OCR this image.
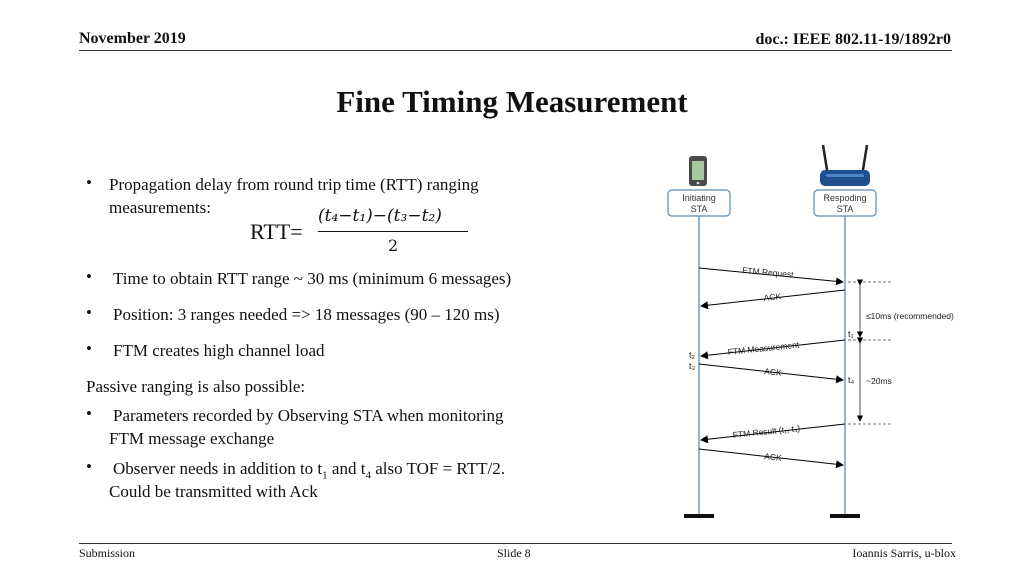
November 2019	doc.: IEEE 802.11-19/1892r0
Fine Timing Measurement
• Propagation delay from round trip time (RTT) ranging
measurements:
RTT=
(t₄−t₁)−(t₃−t₂)
2
• Time to obtain RTT range ~ 30 ms (minimum 6 messages)
• Position: 3 ranges needed => 18 messages (90 – 120 ms)
• FTM creates high channel load
Passive ranging is also possible:
• Parameters recorded by Observing STA when monitoring
FTM message exchange
• Observer needs in addition to $t_1$ and $t_4$ also TOF = RTT/2.
Could be transmitted with Ack
Initiating
STA
Respoding
STA
FTM Request
ACK
FTM Measurement
ACK
FTM Result (t₁, t₄)
ACK
t₁
t₂
t₃
t₄
≤10ms (recommended)
~20ms
Submission	Slide 8	Ioannis Sarris, u-blox
